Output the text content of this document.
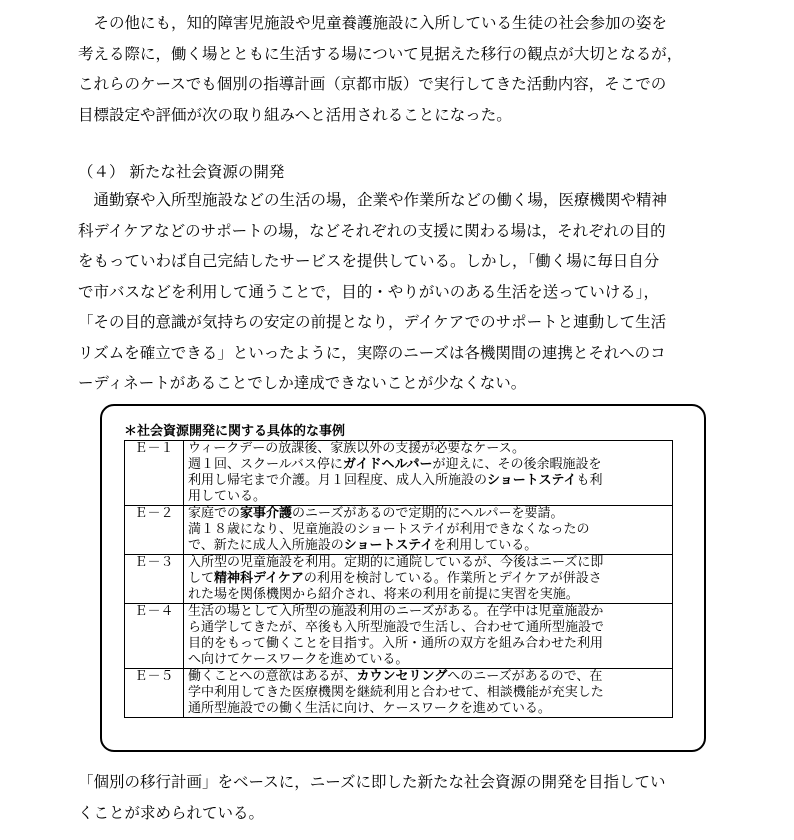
　その他にも，知的障害児施設や児童養護施設に入所している生徒の社会参加の姿を
考える際に，働く場とともに生活する場について見据えた移行の観点が大切となるが，
これらのケースでも個別の指導計画（京都市版）で実行してきた活動内容，そこでの
目標設定や評価が次の取り組みへと活用されることになった。
（４） 新たな社会資源の開発
　通勤寮や入所型施設などの生活の場，企業や作業所などの働く場，医療機関や精神
科デイケアなどのサポートの場，などそれぞれの支援に関わる場は，それぞれの目的
をもっていわば自己完結したサービスを提供している。しかし，「働く場に毎日自分
で市バスなどを利用して通うことで，目的・やりがいのある生活を送っていける」，
「その目的意識が気持ちの安定の前提となり，デイケアでのサポートと連動して生活
リズムを確立できる」といったように，実際のニーズは各機関間の連携とそれへのコ
ーディネートがあることでしか達成できないことが少なくない。
＊社会資源開発に関する具体的な事例
Ｅ－１	ウィークデーの放課後、家族以外の支援が必要なケース。
週１回、スクールバス停にガイドヘルパーが迎えに、その後余暇施設を
利用し帰宅まで介護。月１回程度、成人入所施設のショートステイも利
用している。

Ｅ－２	家庭での家事介護のニーズがあるので定期的にヘルパーを要請。
満１８歳になり、児童施設のショートステイが利用できなくなったの
で、新たに成人入所施設のショートステイを利用している。

Ｅ－３	入所型の児童施設を利用。定期的に通院しているが、今後はニーズに即
して精神科デイケアの利用を検討している。作業所とデイケアが併設さ
れた場を関係機関から紹介され、将来の利用を前提に実習を実施。

Ｅ－４	生活の場として入所型の施設利用のニーズがある。在学中は児童施設か
ら通学してきたが、卒後も入所型施設で生活し、合わせて通所型施設で
目的をもって働くことを目指す。入所・通所の双方を組み合わせた利用
へ向けてケースワークを進めている。

Ｅ－５	働くことへの意欲はあるが、カウンセリングへのニーズがあるので、在
学中利用してきた医療機関を継続利用と合わせて、相談機能が充実した
通所型施設での働く生活に向け、ケースワークを進めている。
「個別の移行計画」をベースに，ニーズに即した新たな社会資源の開発を目指してい
くことが求められている。
